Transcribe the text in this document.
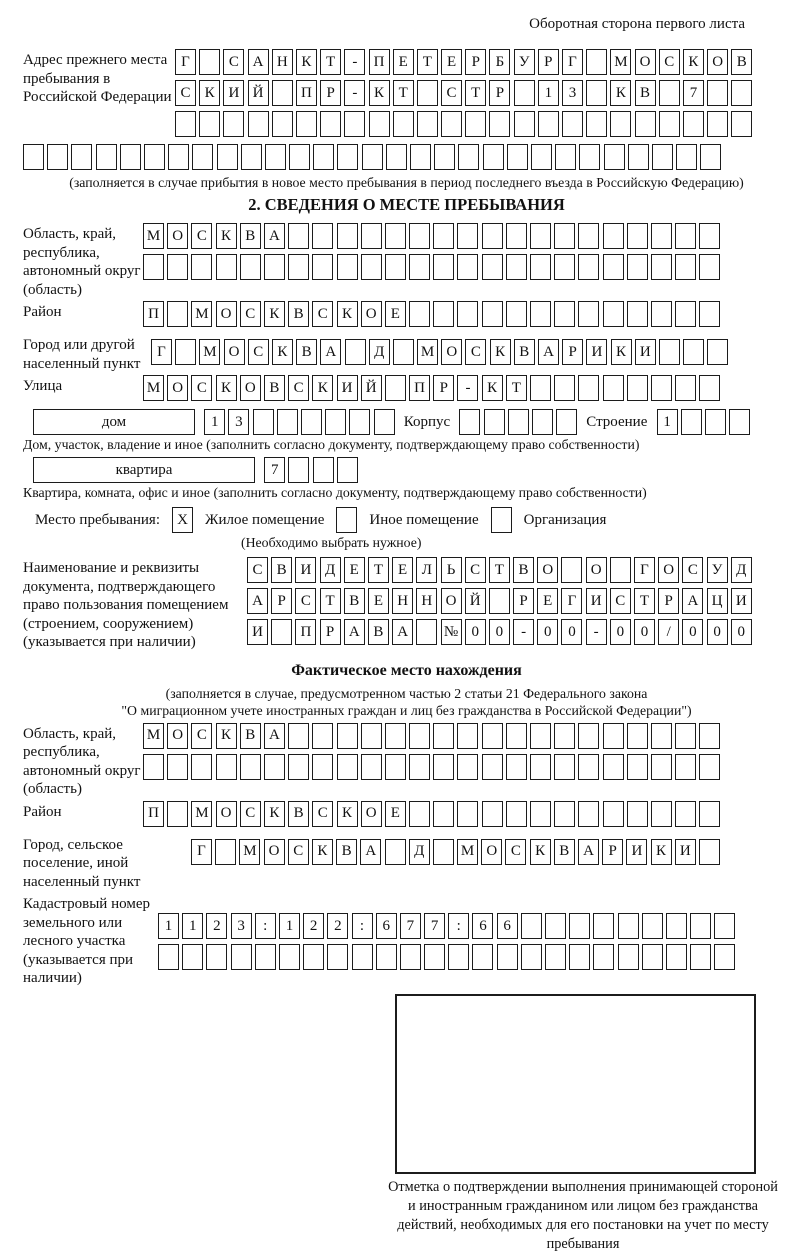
Оборотная сторона первого листа
Адрес прежнего места пребывания в Российской Федерации
Г	С А Н К Т	-	П Е	Т	Е	Р	Б У Р	Г	М О С К О В
С К И Й	П Р	-	К Т	С Т	Р	1	3	К В	7
(заполняется в случае прибытия в новое место пребывания в период последнего въезда в Российскую Федерацию)
2. СВЕДЕНИЯ О МЕСТЕ ПРЕБЫВАНИЯ
Область, край, республика, автономный округ (область)
М О С К В А
Район	П	М О С К В С К О Е
Город или другой населенный пункт
Г	М О С К В А	Д	М О С К В А Р И К И
Улица	М О С К О В С К И Й	П Р	-	К Т
дом	1	3	Корпус	Строение	1
Дом, участок, владение и иное (заполнить согласно документу, подтверждающему право собственности)
квартира	7
Квартира, комната, офис и иное (заполнить согласно документу, подтверждающему право собственности)
Место пребывания:	X	Жилое помещение	Иное помещение	Организация
(Необходимо выбрать нужное)
Наименование и реквизиты документа, подтверждающего право пользования помещением (строением, сооружением) (указывается при наличии)
С В И Д Е	Т	Е Л Ь С Т В О	О	Г О С У Д
А Р	С Т В Е Н Н О Й	Р	Е	Г И С Т	Р А Ц И
И	П Р А В А	№ 0	0	-	0	0	-	0	0	/	0	0	0
Фактическое место нахождения
(заполняется в случае, предусмотренном частью 2 статьи 21 Федерального закона
"О миграционном учете иностранных граждан и лиц без гражданства в Российской Федерации")
Область, край, республика, автономный округ (область)
М О С К В А
Район	П	М О С К В С К О Е
Город, сельское поселение, иной населенный пункт
Г	М О С К В А	Д	М О С К В А Р И К И
Кадастровый номер земельного или лесного участка (указывается при наличии)
1	1	2	3	:	1	2	2	:	6	7	7	:	6	6
Отметка о подтверждении выполнения принимающей стороной и иностранным гражданином или лицом без гражданства действий, необходимых для его постановки на учет по месту пребывания
